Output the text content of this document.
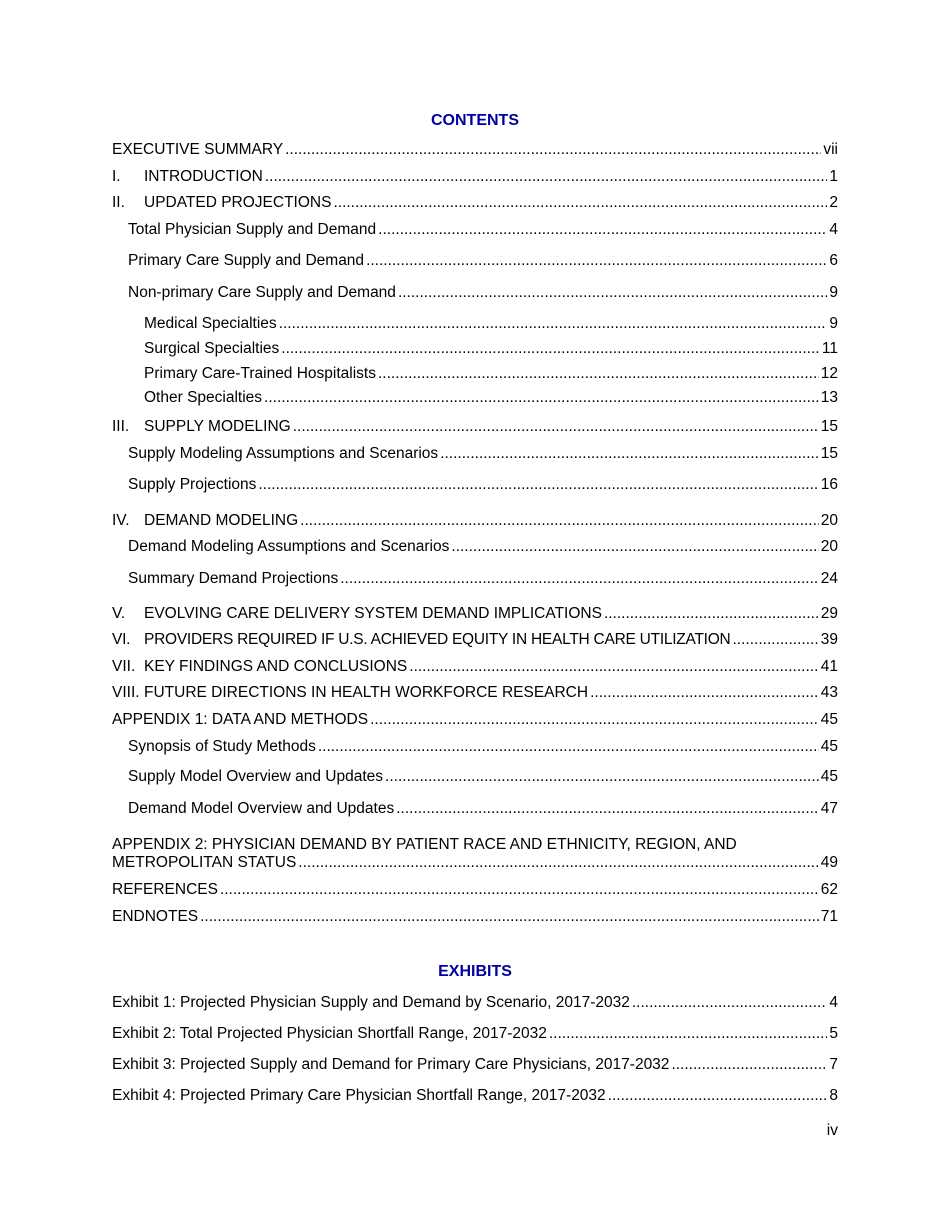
CONTENTS
EXECUTIVE SUMMARY .....	vii
I. INTRODUCTION .....	1
II. UPDATED PROJECTIONS .....	2
Total Physician Supply and Demand .....	4
Primary Care Supply and Demand .....	6
Non-primary Care Supply and Demand .....	9
Medical Specialties .....	9
Surgical Specialties .....	11
Primary Care-Trained Hospitalists .....	12
Other Specialties .....	13
III. SUPPLY MODELING .....	15
Supply Modeling Assumptions and Scenarios .....	15
Supply Projections .....	16
IV. DEMAND MODELING .....	20
Demand Modeling Assumptions and Scenarios .....	20
Summary Demand Projections .....	24
V. EVOLVING CARE DELIVERY SYSTEM DEMAND IMPLICATIONS .....	29
VI. PROVIDERS REQUIRED IF U.S. ACHIEVED EQUITY IN HEALTH CARE UTILIZATION .....	39
VII. KEY FINDINGS AND CONCLUSIONS .....	41
VIII. FUTURE DIRECTIONS IN HEALTH WORKFORCE RESEARCH .....	43
APPENDIX 1: DATA AND METHODS .....	45
Synopsis of Study Methods .....	45
Supply Model Overview and Updates .....	45
Demand Model Overview and Updates .....	47
APPENDIX 2: PHYSICIAN DEMAND BY PATIENT RACE AND ETHNICITY, REGION, AND
METROPOLITAN STATUS .....	49
REFERENCES .....	62
ENDNOTES .....	71
EXHIBITS
Exhibit 1: Projected Physician Supply and Demand by Scenario, 2017-2032 .....	4
Exhibit 2: Total Projected Physician Shortfall Range, 2017-2032 .....	5
Exhibit 3: Projected Supply and Demand for Primary Care Physicians, 2017-2032 .....	7
Exhibit 4: Projected Primary Care Physician Shortfall Range, 2017-2032 .....	8
iv
